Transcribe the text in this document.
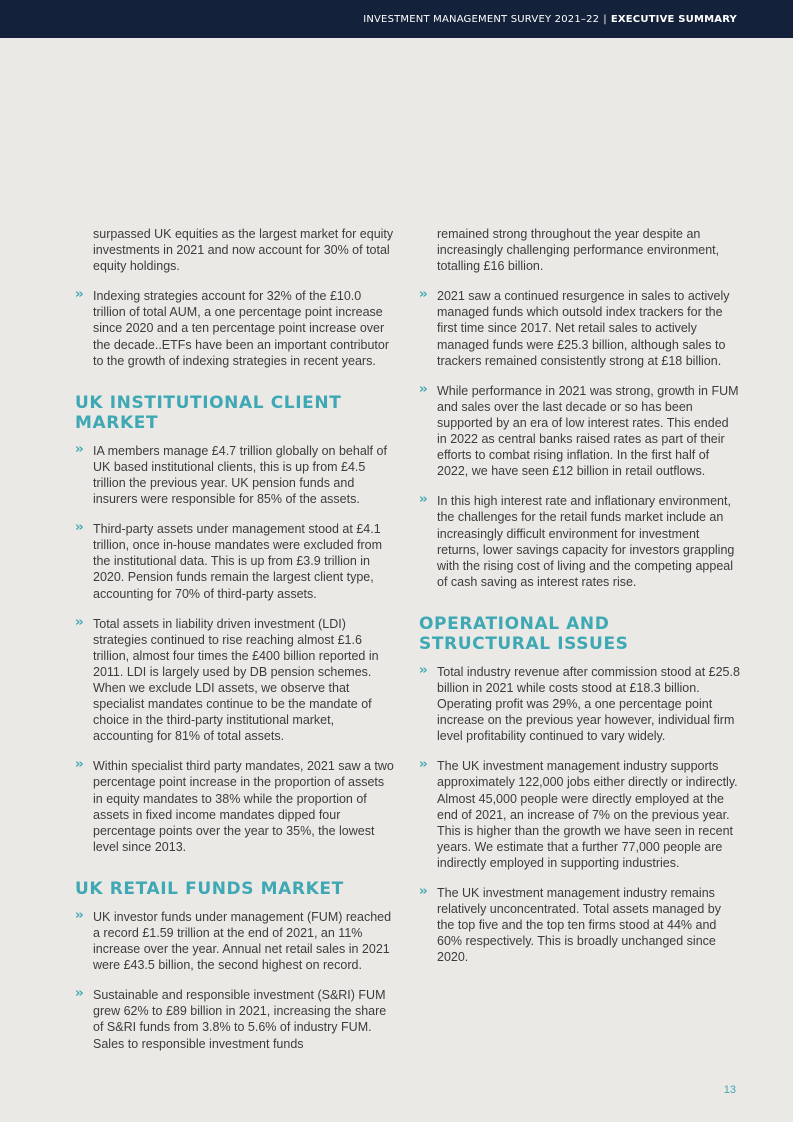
INVESTMENT MANAGEMENT SURVEY 2021–22 | EXECUTIVE SUMMARY

surpassed UK equities as the largest market for equity investments in 2021 and now account for 30% of total equity holdings.

›› Indexing strategies account for 32% of the £10.0 trillion of total AUM, a one percentage point increase since 2020 and a ten percentage point increase over the decade..ETFs have been an important contributor to the growth of indexing strategies in recent years.
UK INSTITUTIONAL CLIENT MARKET
›› IA members manage £4.7 trillion globally on behalf of UK based institutional clients, this is up from £4.5 trillion the previous year. UK pension funds and insurers were responsible for 85% of the assets.
›› Third-party assets under management stood at £4.1 trillion, once in-house mandates were excluded from the institutional data. This is up from £3.9 trillion in 2020. Pension funds remain the largest client type, accounting for 70% of third-party assets.
›› Total assets in liability driven investment (LDI) strategies continued to rise reaching almost £1.6 trillion, almost four times the £400 billion reported in 2011. LDI is largely used by DB pension schemes. When we exclude LDI assets, we observe that specialist mandates continue to be the mandate of choice in the third-party institutional market, accounting for 81% of total assets.
›› Within specialist third party mandates, 2021 saw a two percentage point increase in the proportion of assets in equity mandates to 38% while the proportion of assets in fixed income mandates dipped four percentage points over the year to 35%, the lowest level since 2013.
UK RETAIL FUNDS MARKET
›› UK investor funds under management (FUM) reached a record £1.59 trillion at the end of 2021, an 11% increase over the year. Annual net retail sales in 2021 were £43.5 billion, the second highest on record.
›› Sustainable and responsible investment (S&RI) FUM grew 62% to £89 billion in 2021, increasing the share of S&RI funds from 3.8% to 5.6% of industry FUM. Sales to responsible investment funds

remained strong throughout the year despite an increasingly challenging performance environment, totalling £16 billion.

›› 2021 saw a continued resurgence in sales to actively managed funds which outsold index trackers for the first time since 2017. Net retail sales to actively managed funds were £25.3 billion, although sales to trackers remained consistently strong at £18 billion.
›› While performance in 2021 was strong, growth in FUM and sales over the last decade or so has been supported by an era of low interest rates. This ended in 2022 as central banks raised rates as part of their efforts to combat rising inflation. In the first half of 2022, we have seen £12 billion in retail outflows.
›› In this high interest rate and inflationary environment, the challenges for the retail funds market include an increasingly difficult environment for investment returns, lower savings capacity for investors grappling with the rising cost of living and the competing appeal of cash saving as interest rates rise.
OPERATIONAL AND STRUCTURAL ISSUES
›› Total industry revenue after commission stood at £25.8 billion in 2021 while costs stood at £18.3 billion. Operating profit was 29%, a one percentage point increase on the previous year however, individual firm level profitability continued to vary widely.
›› The UK investment management industry supports approximately 122,000 jobs either directly or indirectly. Almost 45,000 people were directly employed at the end of 2021, an increase of 7% on the previous year. This is higher than the growth we have seen in recent years. We estimate that a further 77,000 people are indirectly employed in supporting industries.
›› The UK investment management industry remains relatively unconcentrated. Total assets managed by the top five and the top ten firms stood at 44% and 60% respectively. This is broadly unchanged since 2020.
13
